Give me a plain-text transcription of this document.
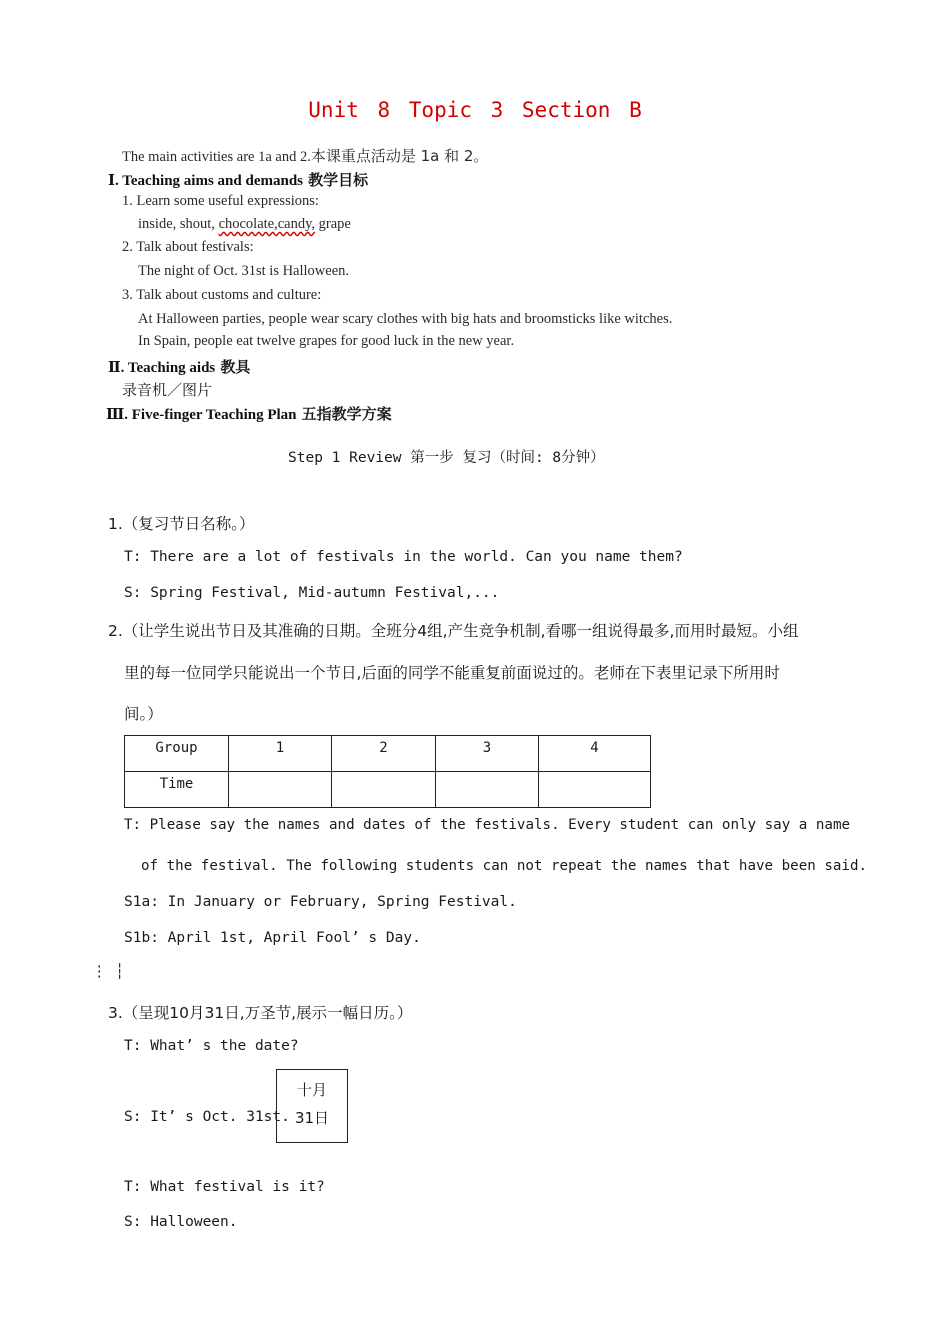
Unit 8 Topic 3 Section B
The main activities are 1a and 2.本课重点活动是 1a 和 2。
Ⅰ. Teaching aims and demands 教学目标
1. Learn some useful expressions:
inside, shout, chocolate,candy, grape
2. Talk about festivals:
The night of Oct. 31st is Halloween.
3. Talk about customs and culture:
At Halloween parties, people wear scary clothes with big hats and broomsticks like witches.
In Spain, people eat twelve grapes for good luck in the new year.
Ⅱ. Teaching aids 教具
录音机／图片
Ⅲ. Five-finger Teaching Plan 五指教学方案
Step 1 Review 第一步 复习（时间: 8分钟）
1.（复习节日名称。）
T: There are a lot of festivals in the world. Can you name them?
S: Spring Festival, Mid-autumn Festival,...
2.（让学生说出节日及其准确的日期。全班分4组,产生竞争机制,看哪一组说得最多,而用时最短。小组
里的每一位同学只能说出一个节日,后面的同学不能重复前面说过的。老师在下表里记录下所用时
间。）
Group	1	2	3	4
Time				
T: Please say the names and dates of the festivals. Every student can only say a name
of the festival. The following students can not repeat the names that have been said.
S1a: In January or February, Spring Festival.
S1b: April 1st, April Fool’ s Day.
⋮ ┆
3.（呈现10月31日,万圣节,展示一幅日历。）
T: What’ s the date?
S: It’ s Oct. 31st.
十月
31日
T: What festival is it?
S: Halloween.
